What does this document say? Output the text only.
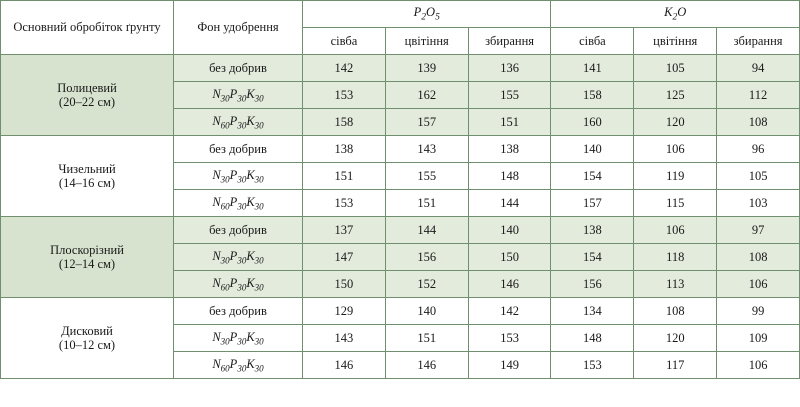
Основний обробіток ґрунту	Фон удобрення	$P_2O_5$			$K_2O$		
		сівба	цвітіння	збирання	сівба	цвітіння	збирання
Полицевий
(20–22 см)	без добрив	142	139	136	141	105	94
	$N_{30}P_{30}K_{30}$	153	162	155	158	125	112
	$N_{60}P_{30}K_{30}$	158	157	151	160	120	108
Чизельний
(14–16 см)	без добрив	138	143	138	140	106	96
	$N_{30}P_{30}K_{30}$	151	155	148	154	119	105
	$N_{60}P_{30}K_{30}$	153	151	144	157	115	103
Плоскорізний
(12–14 см)	без добрив	137	144	140	138	106	97
	$N_{30}P_{30}K_{30}$	147	156	150	154	118	108
	$N_{60}P_{30}K_{30}$	150	152	146	156	113	106
Дисковий
(10–12 см)	без добрив	129	140	142	134	108	99
	$N_{30}P_{30}K_{30}$	143	151	153	148	120	109
	$N_{60}P_{30}K_{30}$	146	146	149	153	117	106
